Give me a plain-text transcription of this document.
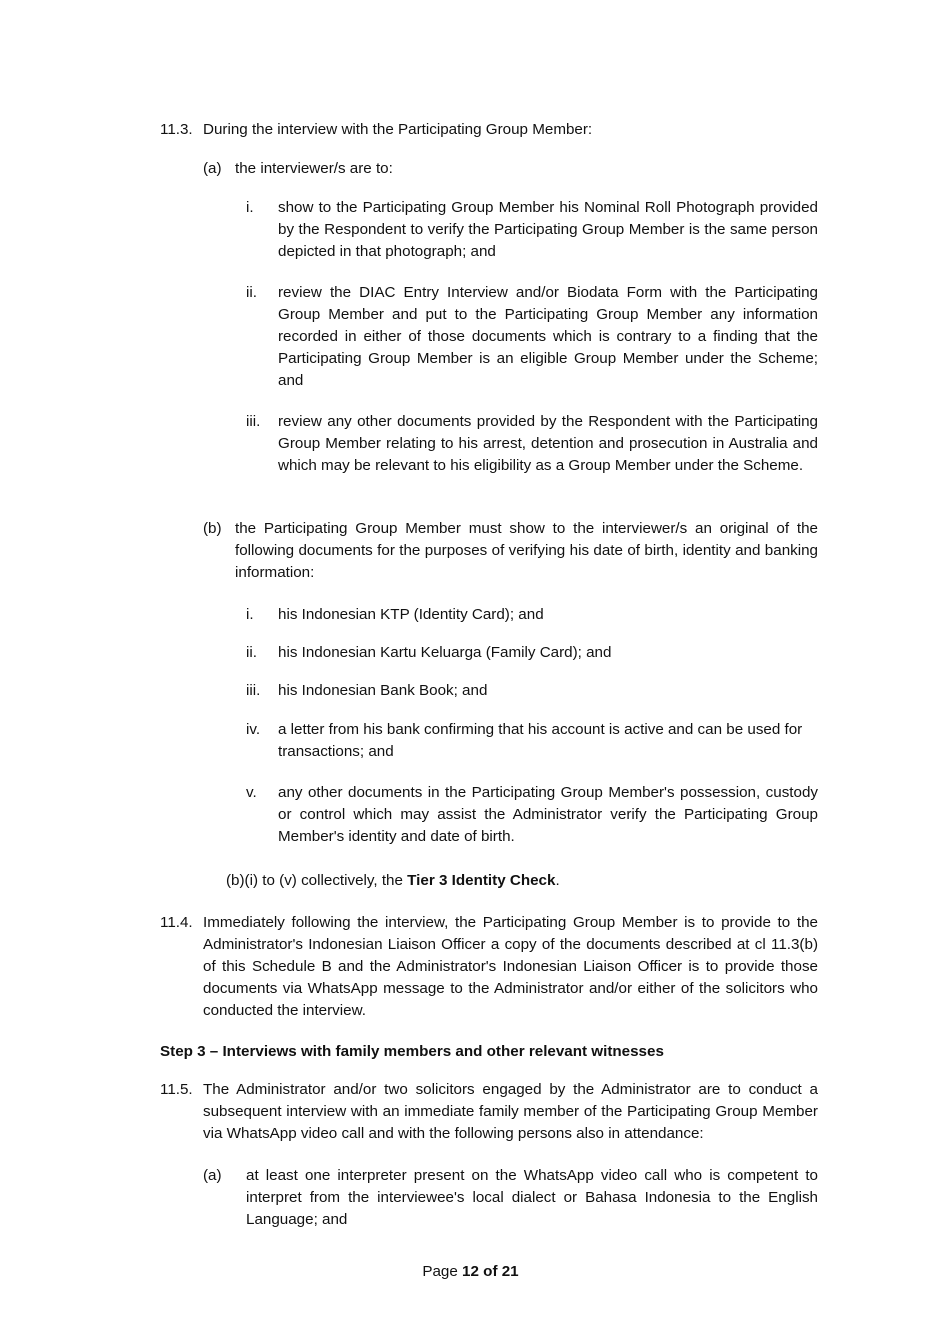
11.3. During the interview with the Participating Group Member:

(a) the interviewer/s are to:

i. show to the Participating Group Member his Nominal Roll Photograph provided by the Respondent to verify the Participating Group Member is the same person depicted in that photograph; and

ii. review the DIAC Entry Interview and/or Biodata Form with the Participating Group Member and put to the Participating Group Member any information recorded in either of those documents which is contrary to a finding that the Participating Group Member is an eligible Group Member under the Scheme; and

iii. review any other documents provided by the Respondent with the Participating Group Member relating to his arrest, detention and prosecution in Australia and which may be relevant to his eligibility as a Group Member under the Scheme.

(b) the Participating Group Member must show to the interviewer/s an original of the following documents for the purposes of verifying his date of birth, identity and banking information:

i. his Indonesian KTP (Identity Card); and

ii. his Indonesian Kartu Keluarga (Family Card); and

iii. his Indonesian Bank Book; and

iv. a letter from his bank confirming that his account is active and can be used for transactions; and

v. any other documents in the Participating Group Member's possession, custody or control which may assist the Administrator verify the Participating Group Member's identity and date of birth.

(b)(i) to (v) collectively, the Tier 3 Identity Check.

11.4. Immediately following the interview, the Participating Group Member is to provide to the Administrator's Indonesian Liaison Officer a copy of the documents described at cl 11.3(b) of this Schedule B and the Administrator's Indonesian Liaison Officer is to provide those documents via WhatsApp message to the Administrator and/or either of the solicitors who conducted the interview.

Step 3 – Interviews with family members and other relevant witnesses

11.5. The Administrator and/or two solicitors engaged by the Administrator are to conduct a subsequent interview with an immediate family member of the Participating Group Member via WhatsApp video call and with the following persons also in attendance:

(a) at least one interpreter present on the WhatsApp video call who is competent to interpret from the interviewee's local dialect or Bahasa Indonesia to the English Language; and

Page 12 of 21
